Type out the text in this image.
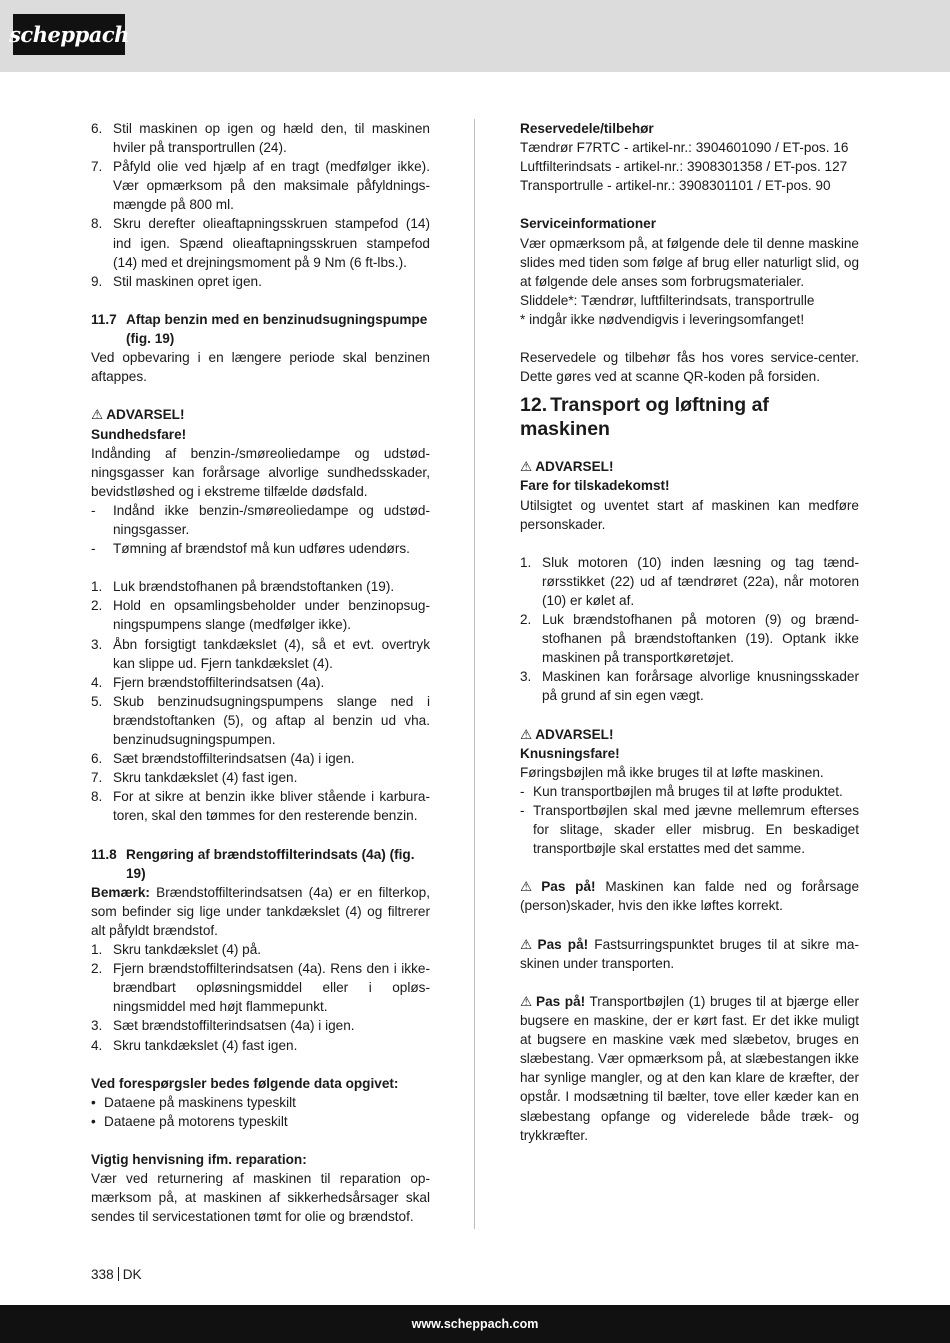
scheppach
6. Stil maskinen op igen og hæld den, til maskinen hviler på transportrullen (24).
7. Påfyld olie ved hjælp af en tragt (medfølger ikke). Vær opmærksom på den maksimale påfyldningsmængde på 800 ml.
8. Skru derefter olieaftapningsskruen stampefod (14) ind igen. Spænd olieaftapningsskruen stampefod (14) med et drejningsmoment på 9 Nm (6 ft-lbs.).
9. Stil maskinen opret igen.
11.7 Aftap benzin med en benzinudsugningspumpe (fig. 19)

Ved opbevaring i en længere periode skal benzinen aftappes.

⚠ ADVARSEL!

Sundhedsfare!

Indånding af benzin-/smøreoliedampe og udstødningsgasser kan forårsage alvorlige sundhedsskader, bevidstløshed og i ekstreme tilfælde dødsfald.

-	Indånd ikke benzin-/smøreoliedampe og udstødningsgasser.
-	Tømning af brændstof må kun udføres udendørs.
1. Luk brændstofhanen på brændstoftanken (19).
2. Hold en opsamlingsbeholder under benzinopsugningspumpens slange (medfølger ikke).
3. Åbn forsigtigt tankdækslet (4), så et evt. overtryk kan slippe ud. Fjern tankdækslet (4).
4. Fjern brændstoffilterindsatsen (4a).
5. Skub benzinudsugningspumpens slange ned i brændstoftanken (5), og aftap al benzin ud vha. benzinudsugningspumpen.
6. Sæt brændstoffilterindsatsen (4a) i igen.
7. Skru tankdækslet (4) fast igen.
8. For at sikre at benzin ikke bliver stående i karburatoren, skal den tømmes for den resterende benzin.
11.8 Rengøring af brændstoffilterindsats (4a) (fig. 19)

Bemærk: Brændstoffilterindsatsen (4a) er en filterkop, som befinder sig lige under tankdækslet (4) og filtrerer alt påfyldt brændstof.

1. Skru tankdækslet (4) på.
2. Fjern brændstoffilterindsatsen (4a). Rens den i ikke-brændbart opløsningsmiddel eller i opløsningsmiddel med højt flammepunkt.
3. Sæt brændstoffilterindsatsen (4a) i igen.
4. Skru tankdækslet (4) fast igen.

Ved forespørgsler bedes følgende data opgivet:

• Dataene på maskinens typeskilt
• Dataene på motorens typeskilt

Vigtig henvisning ifm. reparation:

Vær ved returnering af maskinen til reparation opmærksom på, at maskinen af sikkerhedsårsager skal sendes til servicestationen tømt for olie og brændstof.

Reservedele/tilbehør

Tændrør F7RTC - artikel-nr.: 3904601090 / ET-pos. 16

Luftfilterindsats - artikel-nr.: 3908301358 / ET-pos. 127

Transportrulle - artikel-nr.: 3908301101 / ET-pos. 90

Serviceinformationer

Vær opmærksom på, at følgende dele til denne maskine slides med tiden som følge af brug eller naturligt slid, og at følgende dele anses som forbrugsmaterialer.

Sliddele*: Tændrør, luftfilterindsats, transportrulle

* indgår ikke nødvendigvis i leveringsomfanget!

Reservedele og tilbehør fås hos vores service-center. Dette gøres ved at scanne QR-koden på forsiden.

12. Transport og løftning af maskinen

⚠ ADVARSEL!

Fare for tilskadekomst!

Utilsigtet og uventet start af maskinen kan medføre personskader.

1. Sluk motoren (10) inden læsning og tag tændrørsstikket (22) ud af tændrøret (22a), når motoren (10) er kølet af.
2. Luk brændstofhanen på motoren (9) og brændstofhanen på brændstoftanken (19). Optank ikke maskinen på transportkøretøjet.
3. Maskinen kan forårsage alvorlige knusningsskader på grund af sin egen vægt.

⚠ ADVARSEL!

Knusningsfare!

Føringsbøjlen må ikke bruges til at løfte maskinen.

- Kun transportbøjlen må bruges til at løfte produktet.
- Transportbøjlen skal med jævne mellemrum efterses for slitage, skader eller misbrug. En beskadiget transportbøjle skal erstattes med det samme.

⚠ Pas på! Maskinen kan falde ned og forårsage (person)skader, hvis den ikke løftes korrekt.

⚠ Pas på! Fastsurringspunktet bruges til at sikre maskinen under transporten.

⚠ Pas på! Transportbøjlen (1) bruges til at bjærge eller bugsere en maskine, der er kørt fast. Er det ikke muligt at bugsere en maskine væk med slæbetov, bruges en slæbestang. Vær opmærksom på, at slæbestangen ikke har synlige mangler, og at den kan klare de kræfter, der opstår. I modsætning til bælter, tove eller kæder kan en slæbestang opfange og viderelede både træk- og trykkræfter.

338 DK
www.scheppach.com
